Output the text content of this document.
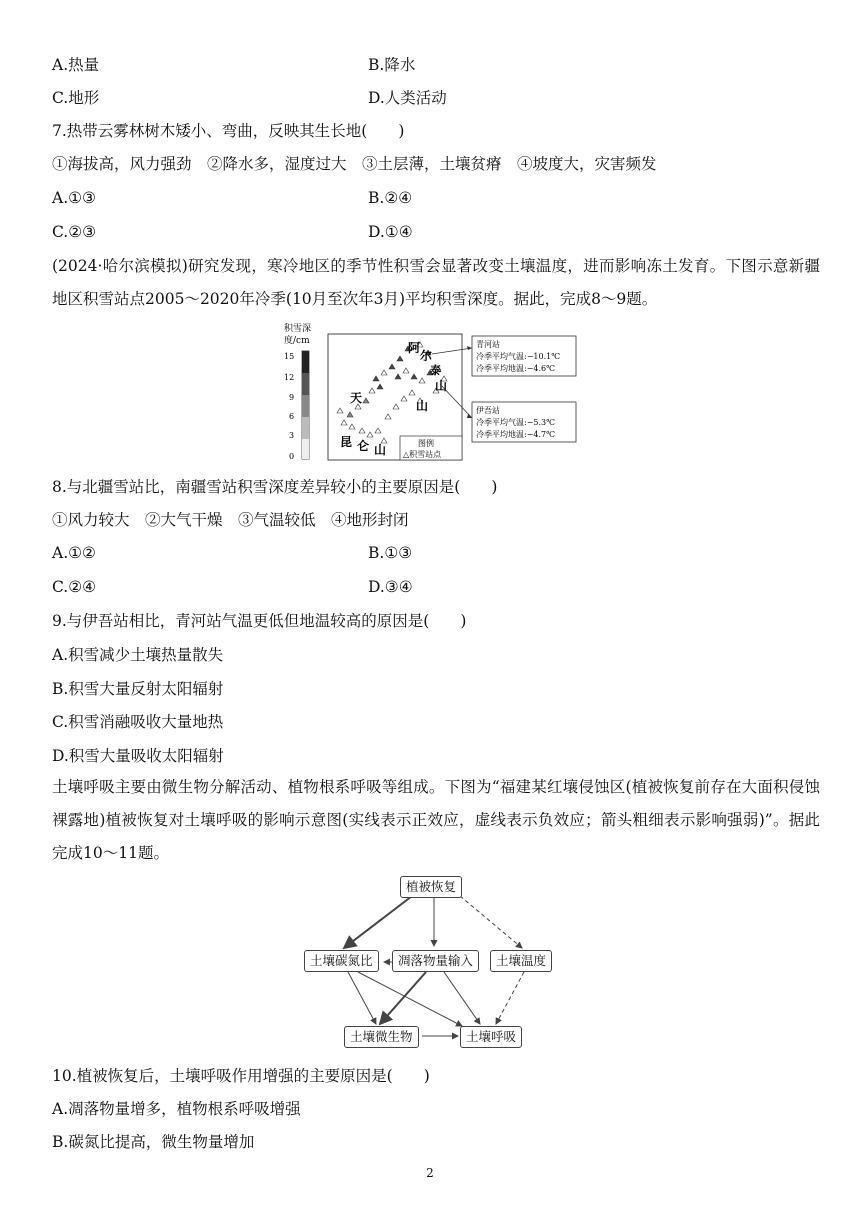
A.热量	B.降水
C.地形	D.人类活动
7.热带云雾林树木矮小、弯曲，反映其生长地(　　)
①海拔高，风力强劲　②降水多，湿度过大　③土层薄，土壤贫瘠　④坡度大，灾害频发
A.①③	B.②④
C.②③	D.①④
(2024·哈尔滨模拟)研究发现，寒冷地区的季节性积雪会显著改变土壤温度，进而影响冻土发育。下图示意新疆地区积雪站点2005～2020年冷季(10月至次年3月)平均积雪深度。据此，完成8～9题。
积雪深
度/cm
15
12
9
6
3
0
阿
尔
泰
山
天
山
昆 仑 山	图例
△积雪站点
青河站
冷季平均气温:−10.1℃
冷季平均地温:−4.6℃
伊吾站
冷季平均气温:−5.3℃
冷季平均地温:−4.7℃
8.与北疆雪站比，南疆雪站积雪深度差异较小的主要原因是(　　)
①风力较大　②大气干燥　③气温较低　④地形封闭
A.①②	B.①③
C.②④	D.③④
9.与伊吾站相比，青河站气温更低但地温较高的原因是(　　)
A.积雪减少土壤热量散失
B.积雪大量反射太阳辐射
C.积雪消融吸收大量地热
D.积雪大量吸收太阳辐射
土壤呼吸主要由微生物分解活动、植物根系呼吸等组成。下图为“福建某红壤侵蚀区(植被恢复前存在大面积侵蚀裸露地)植被恢复对土壤呼吸的影响示意图(实线表示正效应，虚线表示负效应；箭头粗细表示影响强弱)”。据此完成10～11题。
植被恢复
土壤碳氮比	凋落物量输入	土壤温度
土壤微生物	土壤呼吸
10.植被恢复后，土壤呼吸作用增强的主要原因是(　　)
A.凋落物量增多，植物根系呼吸增强
B.碳氮比提高，微生物量增加
2
